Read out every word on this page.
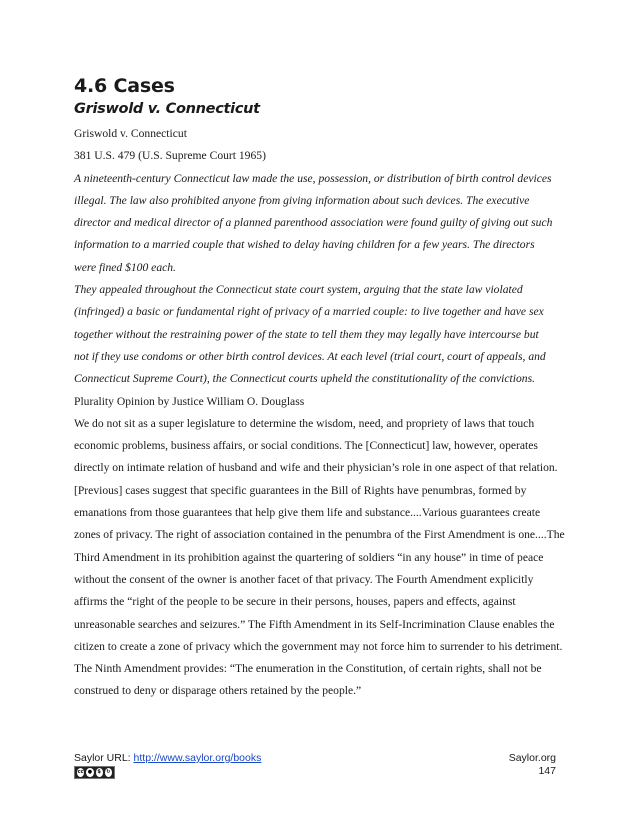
4.6 Cases
Griswold v. Connecticut

Griswold v. Connecticut

381 U.S. 479 (U.S. Supreme Court 1965)

A nineteenth-century Connecticut law made the use, possession, or distribution of birth control devices

illegal. The law also prohibited anyone from giving information about such devices. The executive

director and medical director of a planned parenthood association were found guilty of giving out such

information to a married couple that wished to delay having children for a few years. The directors

were fined $100 each.

They appealed throughout the Connecticut state court system, arguing that the state law violated

(infringed) a basic or fundamental right of privacy of a married couple: to live together and have sex

together without the restraining power of the state to tell them they may legally have intercourse but

not if they use condoms or other birth control devices. At each level (trial court, court of appeals, and

Connecticut Supreme Court), the Connecticut courts upheld the constitutionality of the convictions.

Plurality Opinion by Justice William O. Douglass

We do not sit as a super legislature to determine the wisdom, need, and propriety of laws that touch

economic problems, business affairs, or social conditions. The [Connecticut] law, however, operates

directly on intimate relation of husband and wife and their physician’s role in one aspect of that relation.

[Previous] cases suggest that specific guarantees in the Bill of Rights have penumbras, formed by

emanations from those guarantees that help give them life and substance....Various guarantees create

zones of privacy. The right of association contained in the penumbra of the First Amendment is one....The

Third Amendment in its prohibition against the quartering of soldiers “in any house” in time of peace

without the consent of the owner is another facet of that privacy. The Fourth Amendment explicitly

affirms the “right of the people to be secure in their persons, houses, papers and effects, against

unreasonable searches and seizures.” The Fifth Amendment in its Self-Incrimination Clause enables the

citizen to create a zone of privacy which the government may not force him to surrender to his detriment.

The Ninth Amendment provides: “The enumeration in the Constitution, of certain rights, shall not be

construed to deny or disparage others retained by the people.”

Saylor URL: http://www.saylor.org/books
cc ●	$	↻
Saylor.org
147
